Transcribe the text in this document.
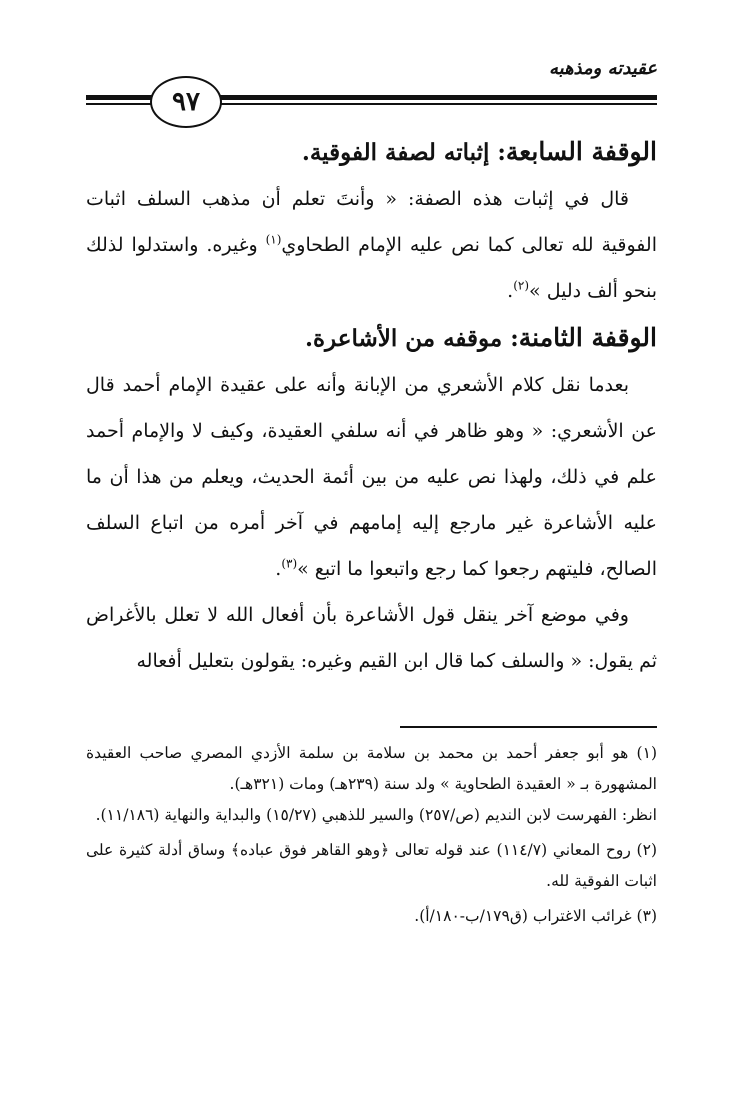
عقيدته ومذهبه
٩٧
الوقفة السابعة: إثباته لصفة الفوقية.

قال في إثبات هذه الصفة: « وأنتَ تعلم أن مذهب السلف اثبات الفوقية لله تعالى كما نص عليه الإمام الطحاوي$^{(١)}$ وغيره. واستدلوا لذلك بنحو ألف دليل »$^{(٢)}$.

الوقفة الثامنة: موقفه من الأشاعرة.

بعدما نقل كلام الأشعري من الإبانة وأنه على عقيدة الإمام أحمد قال عن الأشعري: « وهو ظاهر في أنه سلفي العقيدة، وكيف لا والإمام أحمد علم في ذلك، ولهذا نص عليه من بين أئمة الحديث، ويعلم من هذا أن ما عليه الأشاعرة غير مارجع إليه إمامهم في آخر أمره من اتباع السلف الصالح، فليتهم رجعوا كما رجع واتبعوا ما اتبع »$^{(٣)}$.

وفي موضع آخر ينقل قول الأشاعرة بأن أفعال الله لا تعلل بالأغراض ثم يقول: « والسلف كما قال ابن القيم وغيره: يقولون بتعليل أفعاله

(١) هو أبو جعفر أحمد بن محمد بن سلامة بن سلمة الأزدي المصري صاحب العقيدة المشهورة بـ « العقيدة الطحاوية » ولد سنة (٢٣٩هـ) ومات (٣٢١هـ).

انظر: الفهرست لابن النديم (ص/٢٥٧) والسير للذهبي (١٥/٢٧) والبداية والنهاية (١١/١٨٦).

(٢) روح المعاني (١١٤/٧) عند قوله تعالى ﴿وهو القاهر فوق عباده﴾ وساق أدلة كثيرة على اثبات الفوقية لله.

(٣) غرائب الاغتراب (ق١٧٩/ب-١٨٠/أ).
